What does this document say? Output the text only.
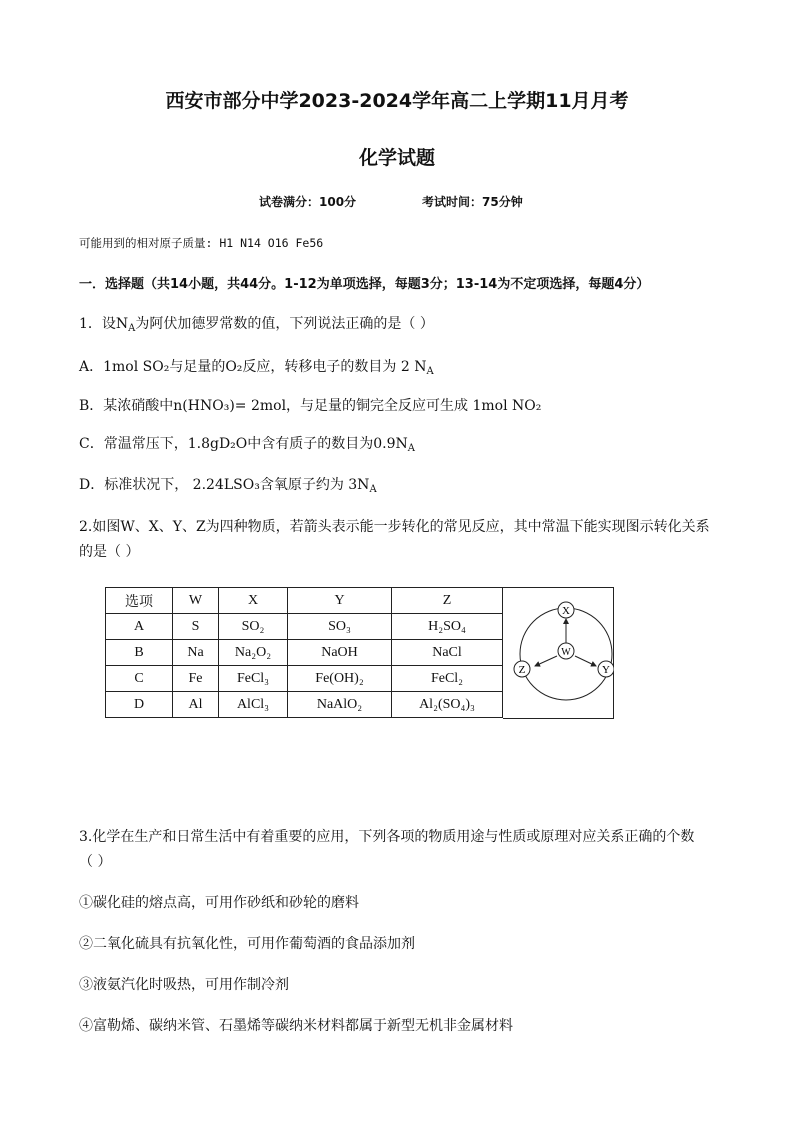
西安市部分中学2023-2024学年高二上学期11月月考
化学试题
试卷满分：100分	考试时间：75分钟
可能用到的相对原子质量: H1 N14 O16 Fe56
一．选择题（共14小题，共44分。1-12为单项选择，每题3分；13-14为不定项选择，每题4分）
1．设$N_A$为阿伏加德罗常数的值，下列说法正确的是（ ）
A．1mol SO₂与足量的O₂反应，转移电子的数目为 2 $N_A$
B．某浓硝酸中n(HNO₃)= 2mol，与足量的铜完全反应可生成 1mol NO₂
C．常温常压下，1.8gD₂O中含有质子的数目为$0.9N_A$
D．标准状况下， 2.24LSO₃含氧原子约为 $3N_A$
2.如图W、X、Y、Z为四种物质，若箭头表示能一步转化的常见反应，其中常温下能实现图示转化关系
的是（ ）
选项	W	X	Y	Z
A	S	SO₂	SO₃	H₂SO₄
B	Na	Na₂O₂	NaOH	NaCl
C	Fe	FeCl₃	Fe(OH)₂	FeCl₂
D	Al	AlCl₃	NaAlO₂	Al₂(SO₄)₃
X
W
Z	Y
3.化学在生产和日常生活中有着重要的应用，下列各项的物质用途与性质或原理对应关系正确的个数
（ ）
①碳化硅的熔点高，可用作砂纸和砂轮的磨料
②二氧化硫具有抗氧化性，可用作葡萄酒的食品添加剂
③液氨汽化时吸热，可用作制冷剂
④富勒烯、碳纳米管、石墨烯等碳纳米材料都属于新型无机非金属材料
